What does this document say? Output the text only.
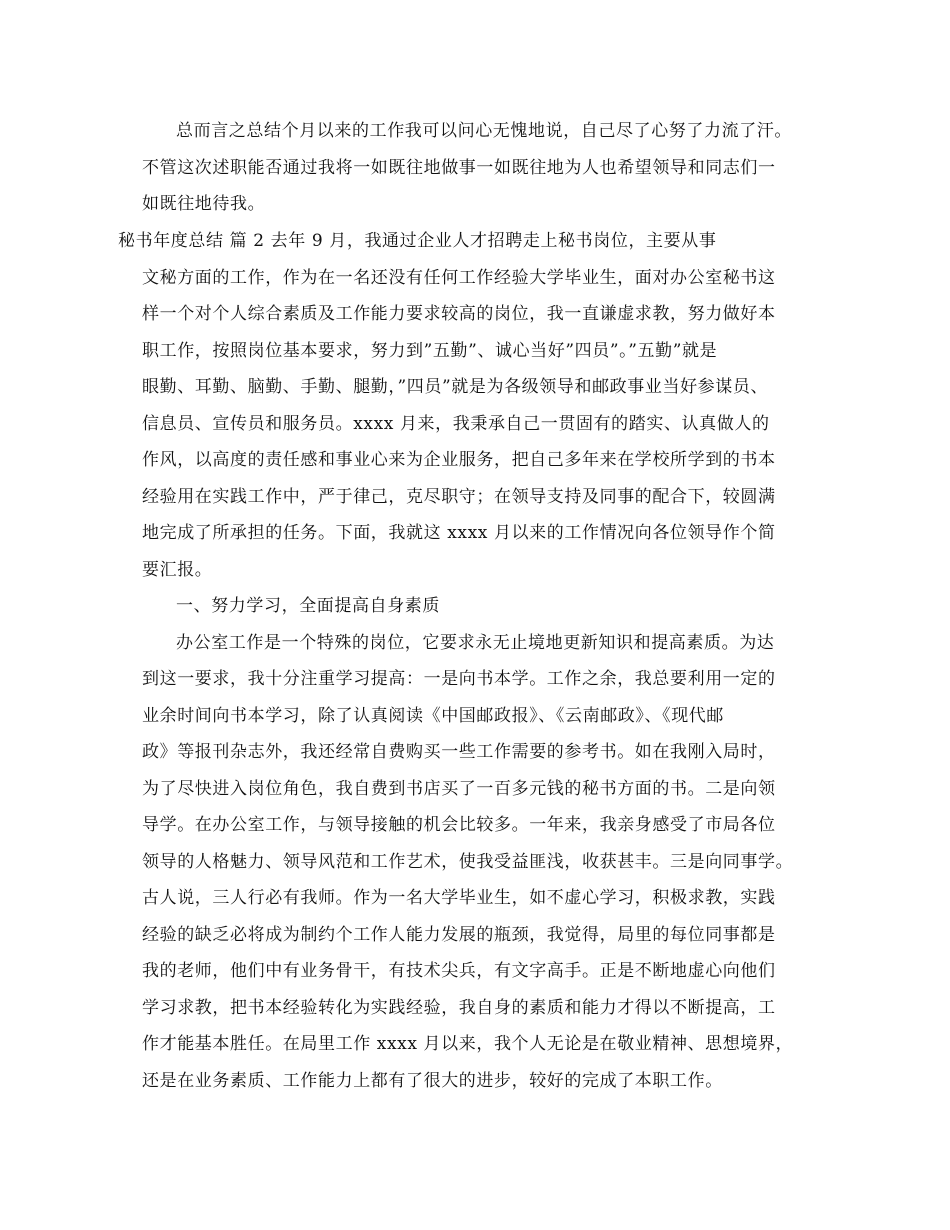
总而言之总结个月以来的工作我可以问心无愧地说，自己尽了心努了力流了汗。
不管这次述职能否通过我将一如既往地做事一如既往地为人也希望领导和同志们一
如既往地待我。
秘书年度总结 篇 2 去年 9 月，我通过企业人才招聘走上秘书岗位，主要从事
文秘方面的工作，作为在一名还没有任何工作经验大学毕业生，面对办公室秘书这
样一个对个人综合素质及工作能力要求较高的岗位，我一直谦虚求教，努力做好本
职工作，按照岗位基本要求，努力到”五勤”、诚心当好”四员”。”五勤”就是
眼勤、耳勤、脑勤、手勤、腿勤，”四员”就是为各级领导和邮政事业当好参谋员、
信息员、宣传员和服务员。xxxx 月来，我秉承自己一贯固有的踏实、认真做人的
作风，以高度的责任感和事业心来为企业服务，把自己多年来在学校所学到的书本
经验用在实践工作中，严于律己，克尽职守；在领导支持及同事的配合下，较圆满
地完成了所承担的任务。下面，我就这 xxxx 月以来的工作情况向各位领导作个简
要汇报。
一、努力学习，全面提高自身素质
办公室工作是一个特殊的岗位，它要求永无止境地更新知识和提高素质。为达
到这一要求，我十分注重学习提高：一是向书本学。工作之余，我总要利用一定的
业余时间向书本学习，除了认真阅读《中国邮政报》、《云南邮政》、《现代邮
政》等报刊杂志外，我还经常自费购买一些工作需要的参考书。如在我刚入局时，
为了尽快进入岗位角色，我自费到书店买了一百多元钱的秘书方面的书。二是向领
导学。在办公室工作，与领导接触的机会比较多。一年来，我亲身感受了市局各位
领导的人格魅力、领导风范和工作艺术，使我受益匪浅，收获甚丰。三是向同事学。
古人说，三人行必有我师。作为一名大学毕业生，如不虚心学习，积极求教，实践
经验的缺乏必将成为制约个工作人能力发展的瓶颈，我觉得，局里的每位同事都是
我的老师，他们中有业务骨干，有技术尖兵，有文字高手。正是不断地虚心向他们
学习求教，把书本经验转化为实践经验，我自身的素质和能力才得以不断提高，工
作才能基本胜任。在局里工作 xxxx 月以来，我个人无论是在敬业精神、思想境界，
还是在业务素质、工作能力上都有了很大的进步，较好的完成了本职工作。
